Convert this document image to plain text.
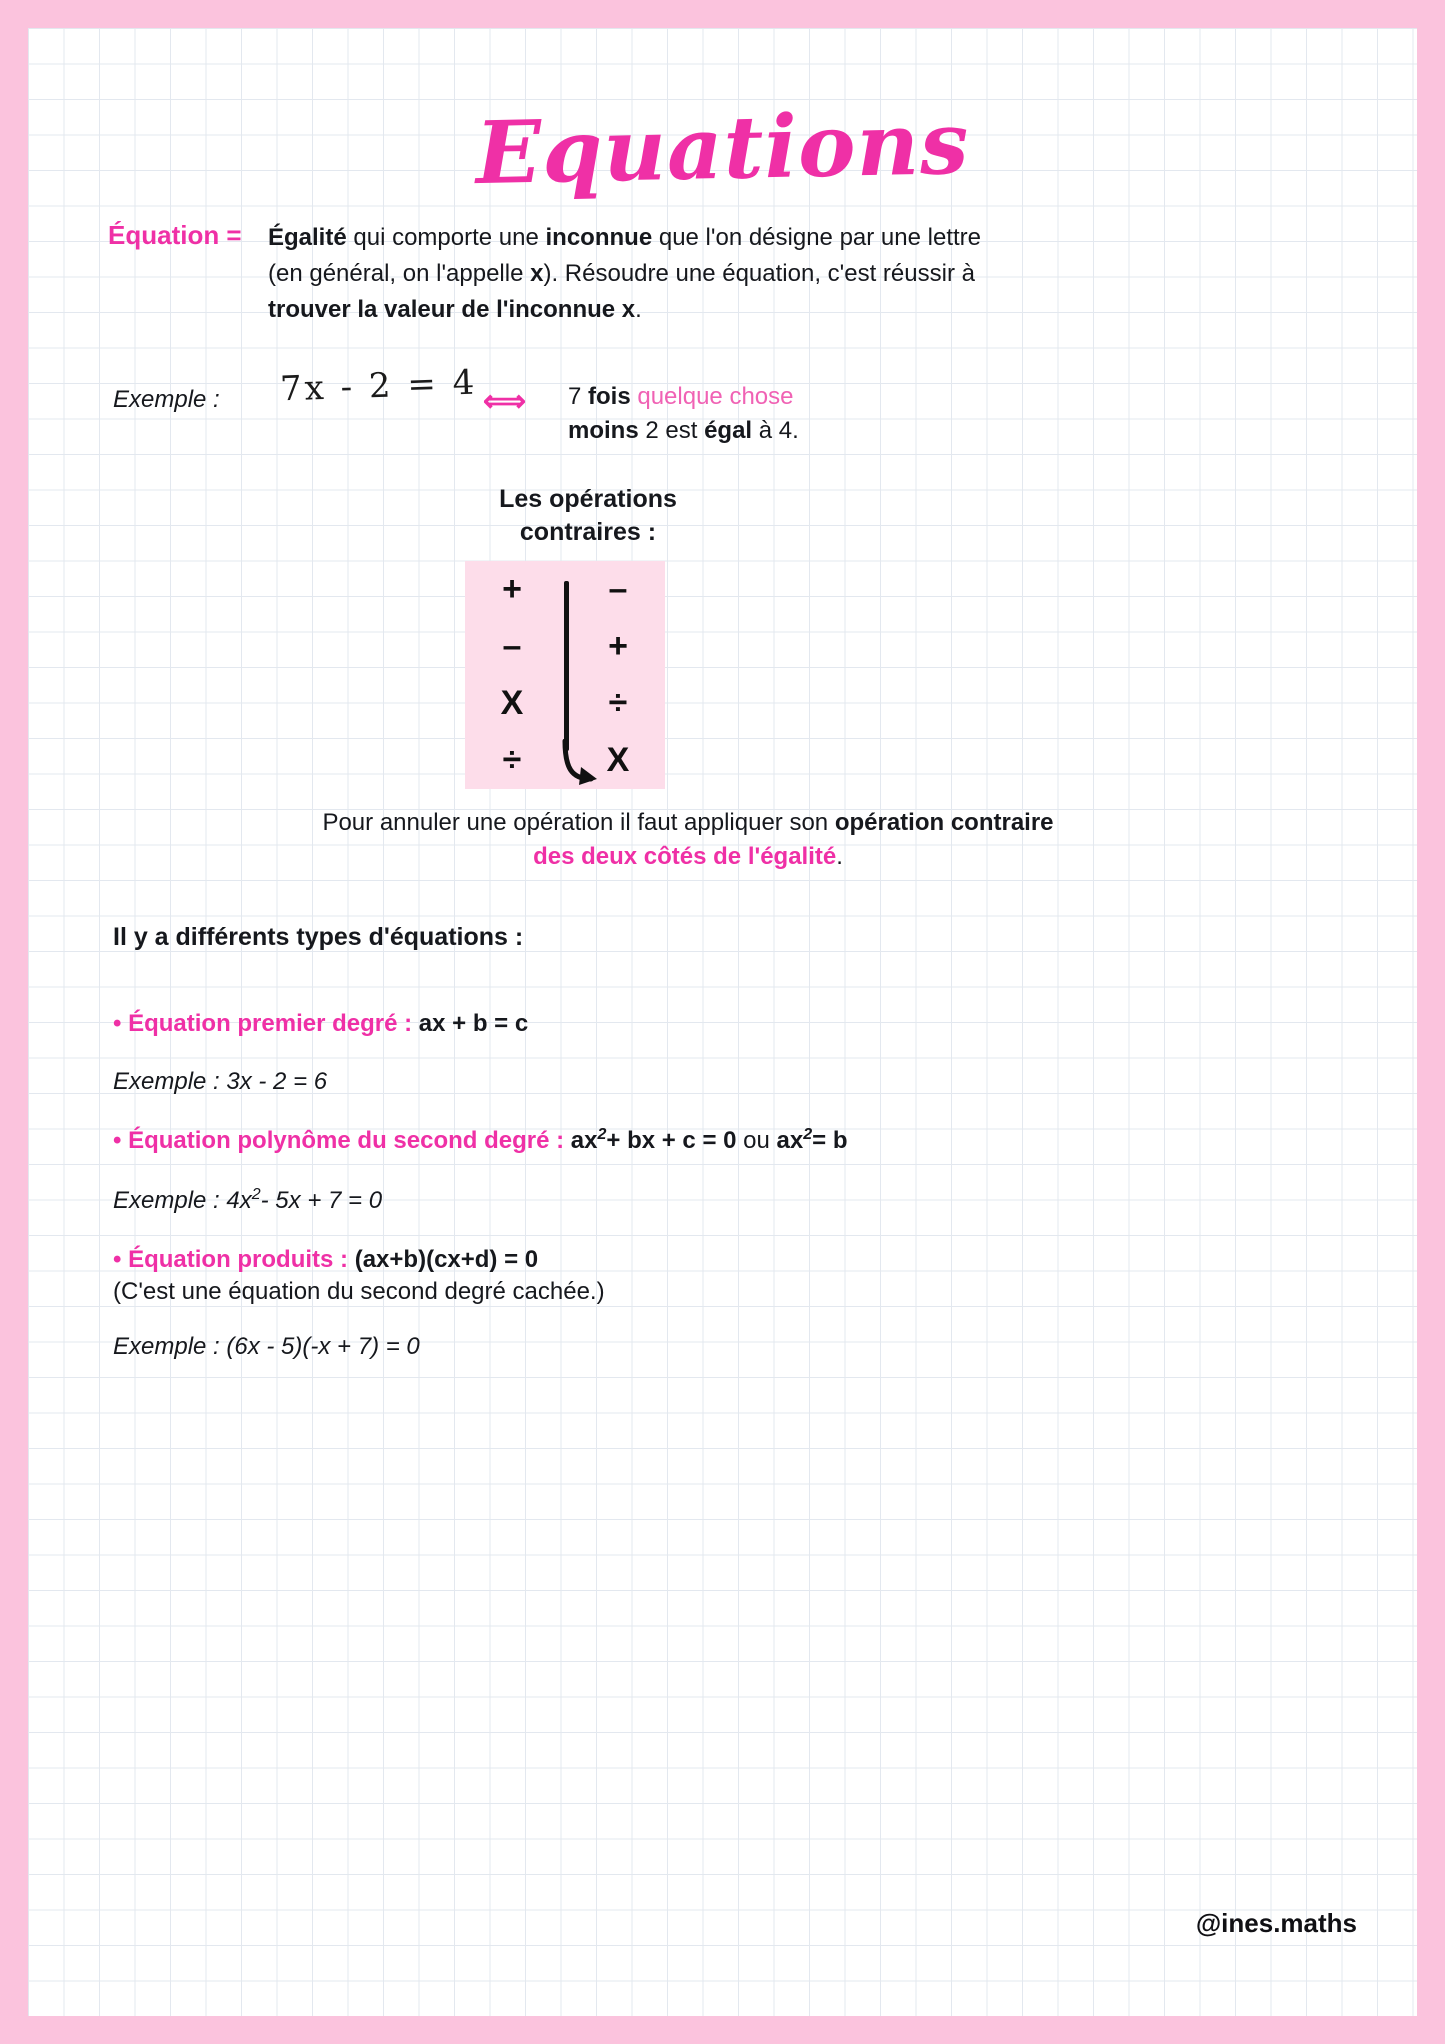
Equations
Équation = Égalité qui comporte une inconnue que l'on désigne par une lettre (en général, on l'appelle x). Résoudre une équation, c'est réussir à trouver la valeur de l'inconnue x.
Exemple : 7x - 2 = 4 ⟺ 7 fois quelque chose
moins 2 est égal à 4.
Les opérations
contraires :
+
–
X
÷
–
+
÷
X
Pour annuler une opération il faut appliquer son opération contraire
des deux côtés de l'égalité.
Il y a différents types d'équations :
• Équation premier degré : ax + b = c
Exemple : 3x - 2 = 6
• Équation polynôme du second degré : $ax^2+$ bx + c = 0 ou $ax^2= b$
Exemple : $4x^2-$ 5x + 7 = 0
• Équation produits : (ax+b)(cx+d) = 0
(C'est une équation du second degré cachée.)
Exemple : (6x - 5)(-x + 7) = 0
@ines.maths
